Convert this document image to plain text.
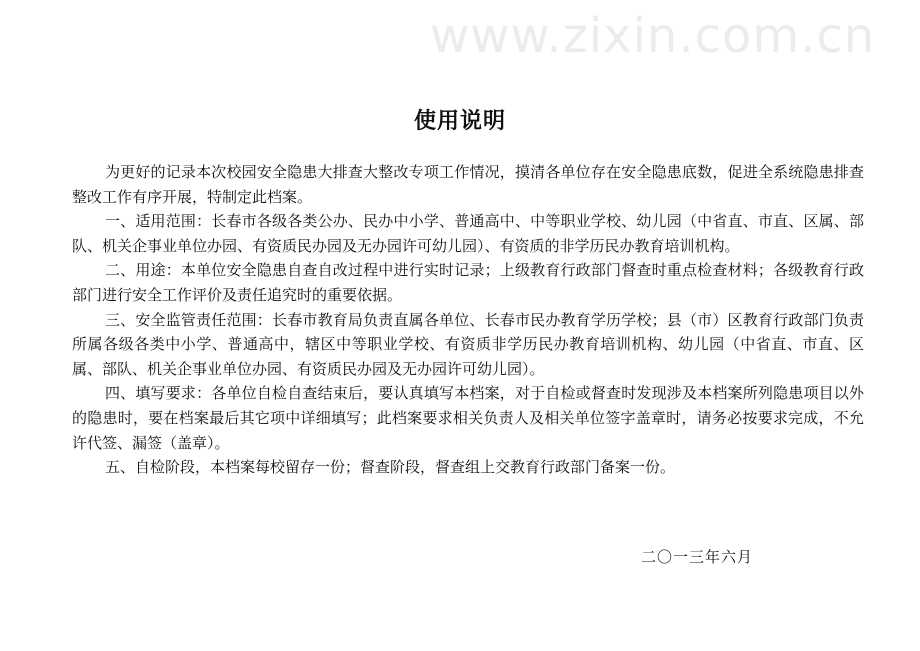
www.zixin.com.cn
使用说明

为更好的记录本次校园安全隐患大排查大整改专项工作情况，摸清各单位存在安全隐患底数，促进全系统隐患排查整改工作有序开展，特制定此档案。

一、适用范围：长春市各级各类公办、民办中小学、普通高中、中等职业学校、幼儿园（中省直、市直、区属、部队、机关企事业单位办园、有资质民办园及无办园许可幼儿园）、有资质的非学历民办教育培训机构。

二、用途：本单位安全隐患自查自改过程中进行实时记录；上级教育行政部门督查时重点检查材料；各级教育行政部门进行安全工作评价及责任追究时的重要依据。

三、安全监管责任范围：长春市教育局负责直属各单位、长春市民办教育学历学校；县（市）区教育行政部门负责所属各级各类中小学、普通高中，辖区中等职业学校、有资质非学历民办教育培训机构、幼儿园（中省直、市直、区属、部队、机关企事业单位办园、有资质民办园及无办园许可幼儿园）。

四、填写要求：各单位自检自查结束后，要认真填写本档案，对于自检或督查时发现涉及本档案所列隐患项目以外的隐患时，要在档案最后其它项中详细填写；此档案要求相关负责人及相关单位签字盖章时，请务必按要求完成，不允许代签、漏签（盖章）。

五、自检阶段，本档案每校留存一份；督查阶段，督查组上交教育行政部门备案一份。

二〇一三年六月
